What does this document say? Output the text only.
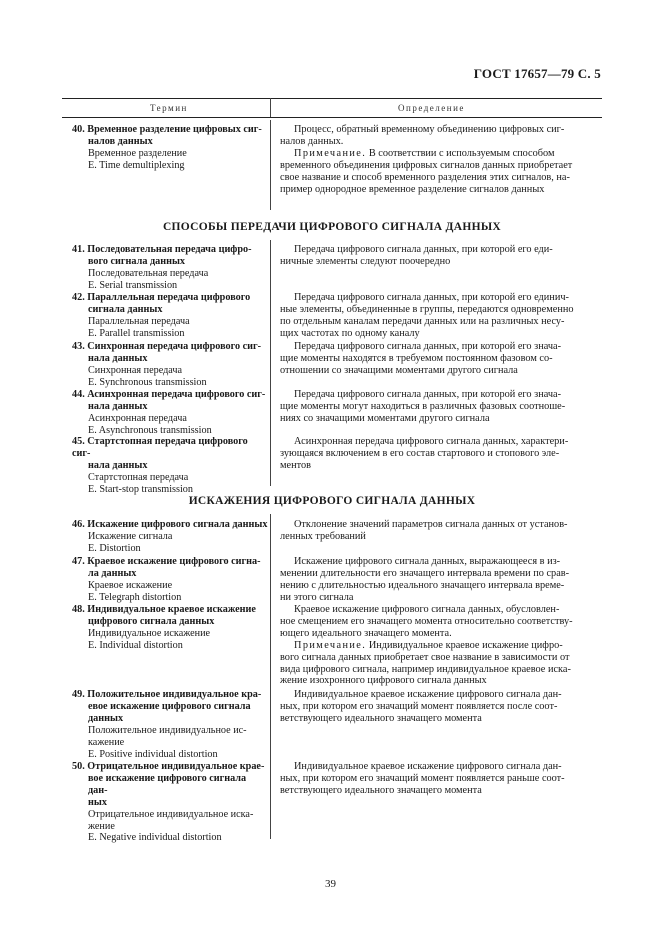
ГОСТ 17657—79 С. 5
Термин	Определение
40. Временное разделение цифровых сиг-

налов данных
Временное разделение
E. Time demultiplexing

Процесс, обратный временному объединению цифровых сиг-

налов данных.

Примечание. В соответствии с используемым способом

временного объединения цифровых сигналов данных приобретает
свое название и способ временного разделения этих сигналов, на-
пример однородное временное разделение сигналов данных
СПОСОБЫ ПЕРЕДАЧИ ЦИФРОВОГО СИГНАЛА ДАННЫХ
41. Последовательная передача цифро-

вого сигнала данных
Последовательная передача
E. Serial transmission

Передача цифрового сигнала данных, при которой его еди-

ничные элементы следуют поочередно
42. Параллельная передача цифрового

сигнала данных
Параллельная передача
E. Parallel transmission

Передача цифрового сигнала данных, при которой его единич-

ные элементы, объединенные в группы, передаются одновременно
по отдельным каналам передачи данных или на различных несу-
щих частотах по одному каналу
43. Синхронная передача цифрового сиг-

нала данных
Синхронная передача
E. Synchronous transmission

Передача цифрового сигнала данных, при которой его знача-

щие моменты находятся в требуемом постоянном фазовом со-
отношении со значащими моментами другого сигнала
44. Асинхронная передача цифрового сиг-

нала данных
Асинхронная передача
E. Asynchronous transmission

Передача цифрового сигнала данных, при которой его знача-

щие моменты могут находиться в различных фазовых соотноше-
ниях со значащими моментами другого сигнала
45. Стартстопная передача цифрового сиг-

нала данных
Стартстопная передача
E. Start-stop transmission

Асинхронная передача цифрового сигнала данных, характери-

зующаяся включением в его состав стартового и стопового эле-
ментов
ИСКАЖЕНИЯ ЦИФРОВОГО СИГНАЛА ДАННЫХ
46. Искажение цифрового сигнала данных
Искажение сигнала
E. Distortion

Отклонение значений параметров сигнала данных от установ-

ленных требований
47. Краевое искажение цифрового сигна-

ла данных
Краевое искажение
E. Telegraph distortion

Искажение цифрового сигнала данных, выражающееся в из-

менении длительности его значащего интервала времени по срав-
нению с длительностью идеального значащего интервала време-
ни этого сигнала
48. Индивидуальное краевое искажение

цифрового сигнала данных
Индивидуальное искажение
E. Individual distortion

Краевое искажение цифрового сигнала данных, обусловлен-

ное смещением его значащего момента относительно соответству-
ющего идеального значащего момента.

Примечание. Индивидуальное краевое искажение цифро-

вого сигнала данных приобретает свое название в зависимости от
вида цифрового сигнала, например индивидуальное краевое иска-
жение изохронного цифрового сигнала данных
49. Положительное индивидуальное кра-

евое искажение цифрового сигнала
данных
Положительное индивидуальное ис-
кажение
E. Positive individual distortion

Индивидуальное краевое искажение цифрового сигнала дан-

ных, при котором его значащий момент появляется после соот-
ветствующего идеального значащего момента
50. Отрицательное индивидуальное крае-

вое искажение цифрового сигнала дан-
ных
Отрицательное индивидуальное иска-
жение
E. Negative individual distortion

Индивидуальное краевое искажение цифрового сигнала дан-

ных, при котором его значащий момент появляется раньше соот-
ветствующего идеального значащего момента
39
